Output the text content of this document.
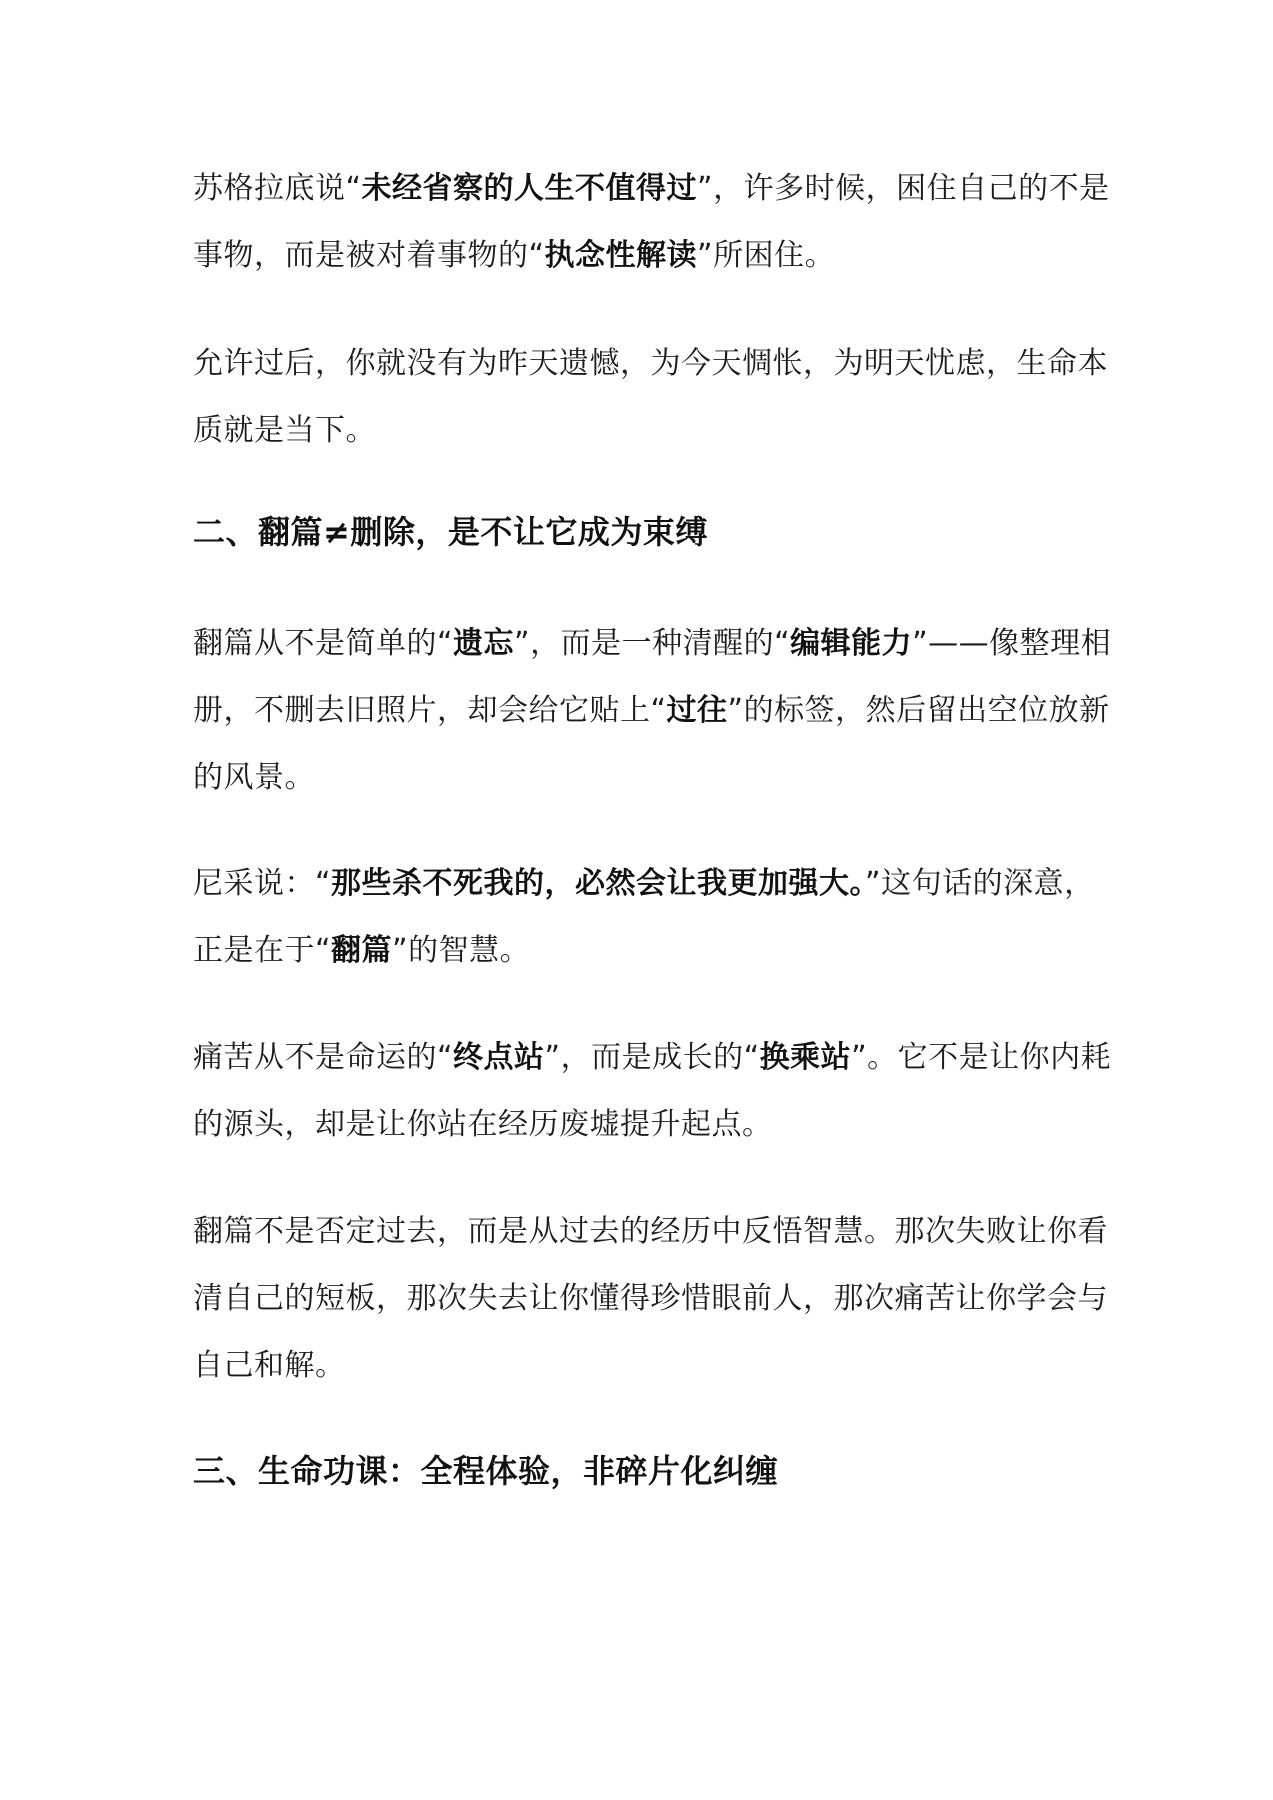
苏格拉底说“未经省察的人生不值得过”，许多时候，困住自己的不是
事物，而是被对着事物的“执念性解读”所困住。

允许过后，你就没有为昨天遗憾，为今天惆怅，为明天忧虑，生命本
质就是当下。

二、翻篇≠删除，是不让它成为束缚

翻篇从不是简单的“遗忘”，而是一种清醒的“编辑能力”——像整理相
册，不删去旧照片，却会给它贴上“过往”的标签，然后留出空位放新
的风景。

尼采说：“那些杀不死我的，必然会让我更加强大。”这句话的深意，
正是在于“翻篇”的智慧。

痛苦从不是命运的“终点站”，而是成长的“换乘站”。它不是让你内耗
的源头，却是让你站在经历废墟提升起点。

翻篇不是否定过去，而是从过去的经历中反悟智慧。那次失败让你看
清自己的短板，那次失去让你懂得珍惜眼前人，那次痛苦让你学会与
自己和解。

三、生命功课：全程体验，非碎片化纠缠
